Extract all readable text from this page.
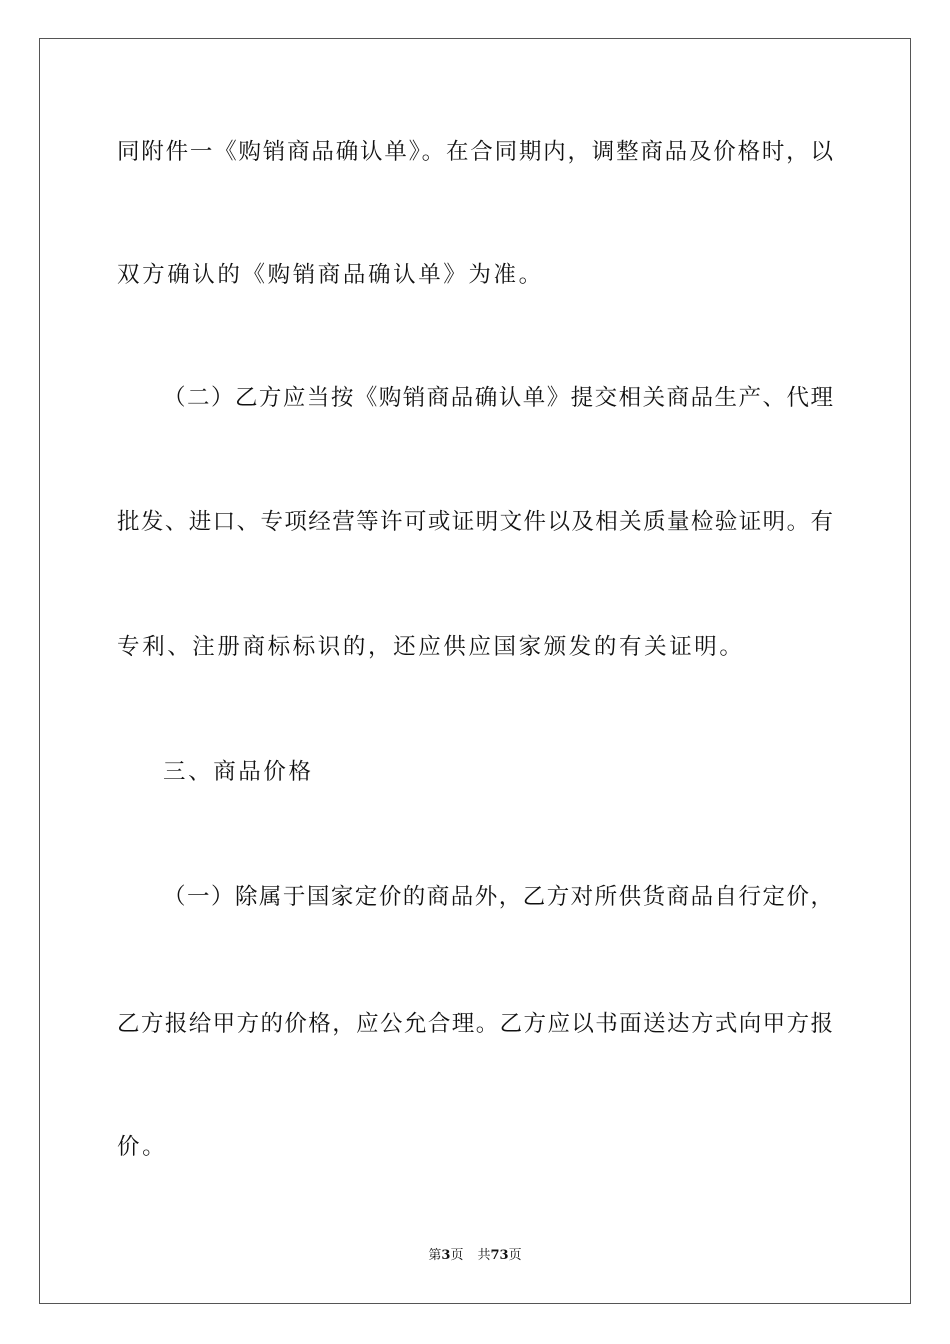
同附件一《购销商品确认单》。在合同期内，调整商品及价格时，以
双方确认的《购销商品确认单》为准。
（二）乙方应当按《购销商品确认单》提交相关商品生产、代理
批发、进口、专项经营等许可或证明文件以及相关质量检验证明。有
专利、注册商标标识的，还应供应国家颁发的有关证明。
三、商品价格
（一）除属于国家定价的商品外，乙方对所供货商品自行定价，
乙方报给甲方的价格，应公允合理。乙方应以书面送达方式向甲方报
价。
第3页 共73页
